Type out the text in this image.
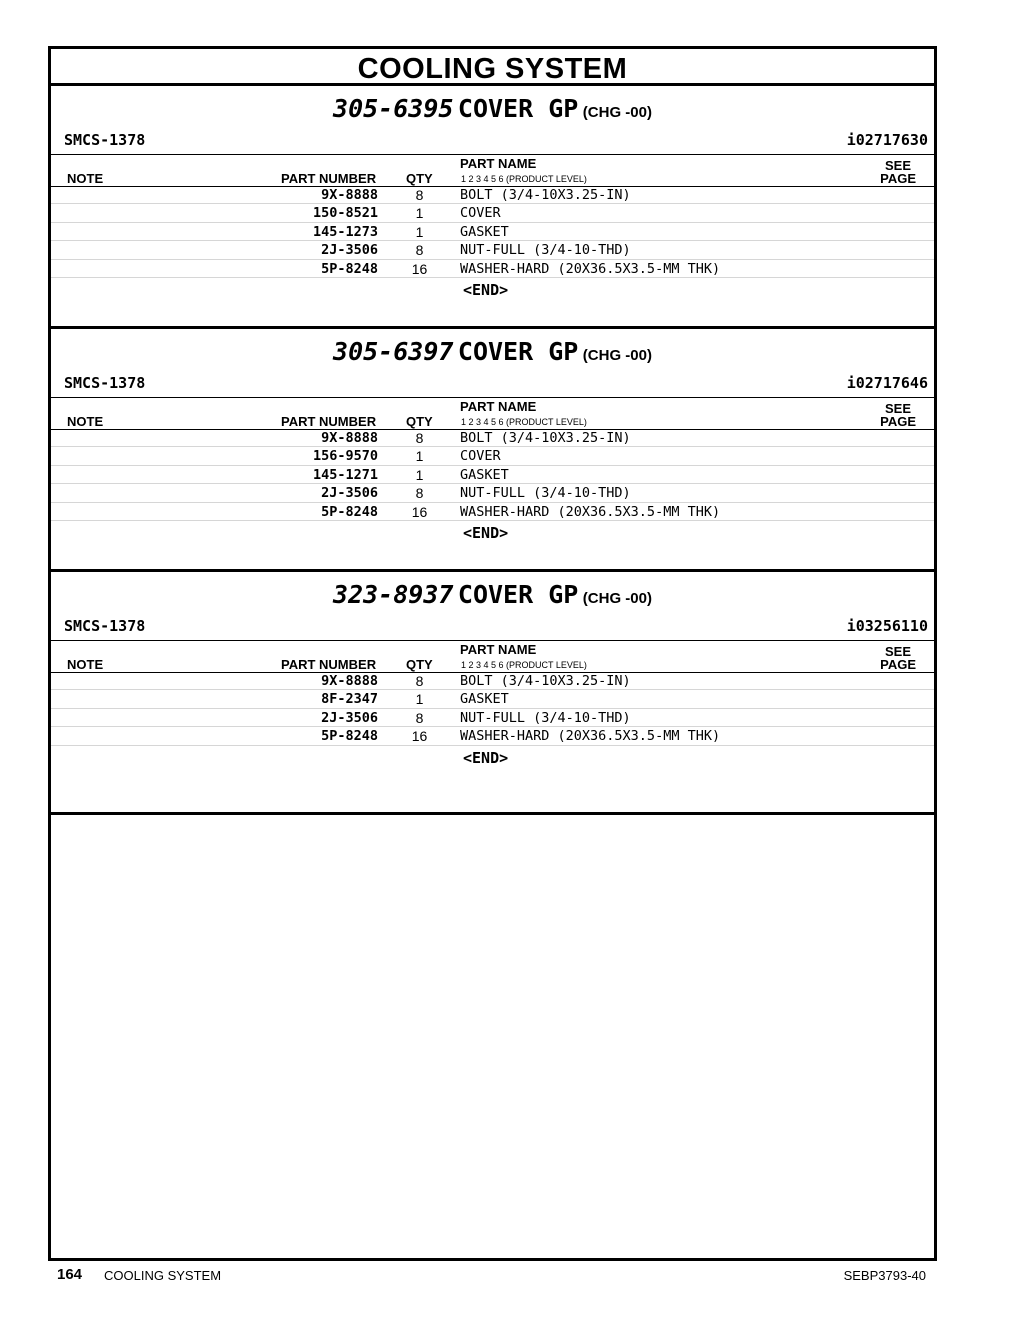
COOLING SYSTEM
305-6395 COVER GP (CHG -00)
SMCS-1378	i02717630
NOTE	PART NUMBER QTY
PART NAME
1 2 3 4 5 6 (PRODUCT LEVEL)
SEE
PAGE
9X-8888	8	BOLT (3/4-10X3.25-IN)
150-8521	1	COVER
145-1273	1	GASKET
2J-3506	8	NUT-FULL (3/4-10-THD)
5P-8248	16	WASHER-HARD (20X36.5X3.5-MM THK)
<END>
305-6397 COVER GP (CHG -00)
SMCS-1378	i02717646
NOTE	PART NUMBER QTY
PART NAME
1 2 3 4 5 6 (PRODUCT LEVEL)
SEE
PAGE
9X-8888	8	BOLT (3/4-10X3.25-IN)
156-9570	1	COVER
145-1271	1	GASKET
2J-3506	8	NUT-FULL (3/4-10-THD)
5P-8248	16	WASHER-HARD (20X36.5X3.5-MM THK)
<END>
323-8937 COVER GP (CHG -00)
SMCS-1378	i03256110
NOTE	PART NUMBER QTY
PART NAME
1 2 3 4 5 6 (PRODUCT LEVEL)
SEE
PAGE
9X-8888	8	BOLT (3/4-10X3.25-IN)
8F-2347	1	GASKET
2J-3506	8	NUT-FULL (3/4-10-THD)
5P-8248	16	WASHER-HARD (20X36.5X3.5-MM THK)
<END>
164 COOLING SYSTEM	SEBP3793-40
